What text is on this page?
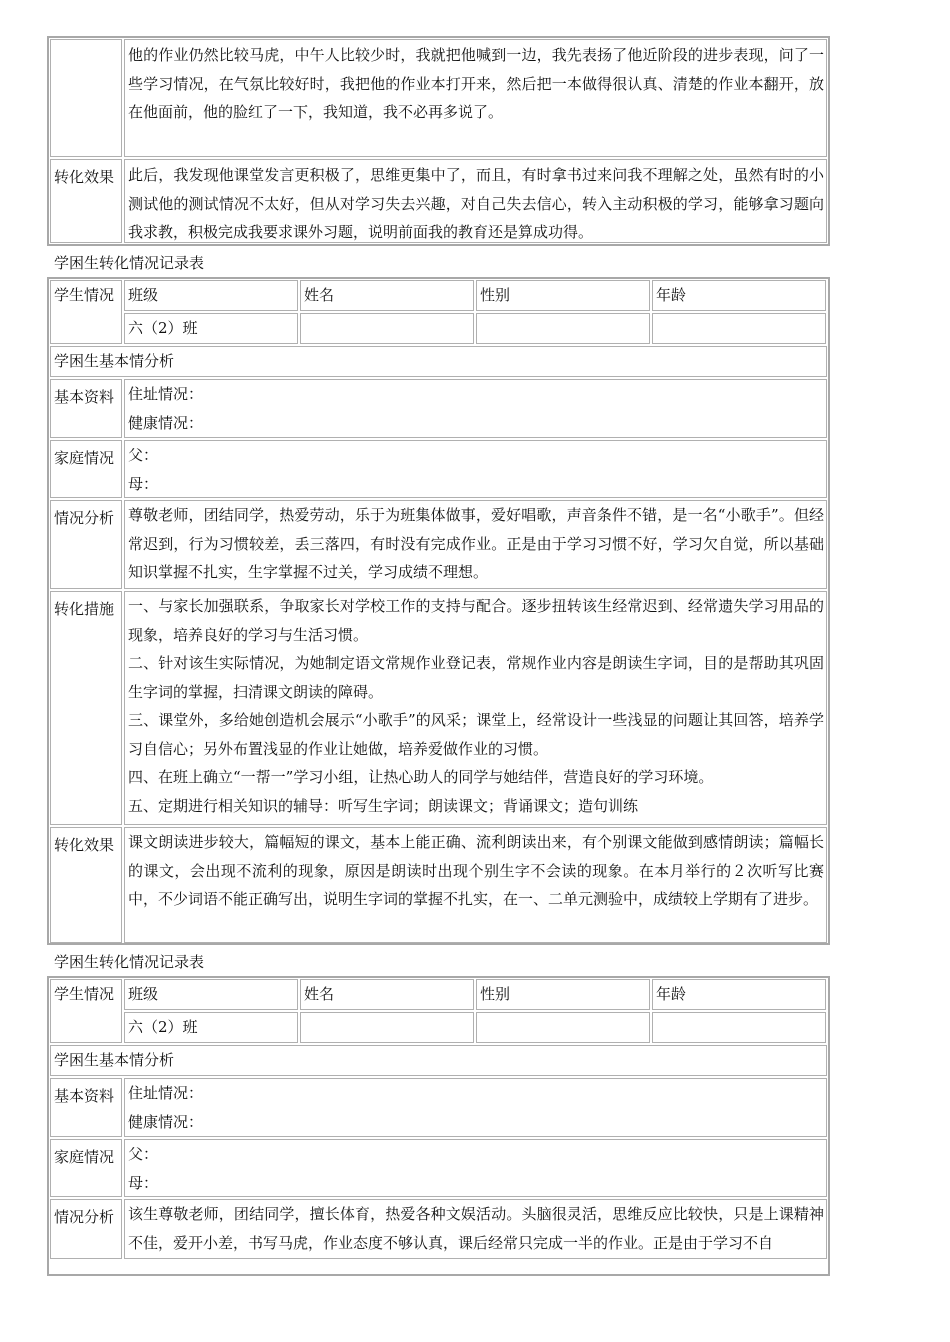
他的作业仍然比较马虎，中午人比较少时，我就把他喊到一边，我先表扬了他近阶段的进步表现，问了一些学习情况，在气氛比较好时，我把他的作业本打开来，然后把一本做得很认真、清楚的作业本翻开，放在他面前，他的脸红了一下，我知道，我不必再多说了。
转化效果 此后，我发现他课堂发言更积极了，思维更集中了，而且，有时拿书过来问我不理解之处，虽然有时的小测试他的测试情况不太好，但从对学习失去兴趣，对自己失去信心，转入主动积极的学习，能够拿习题向我求教，积极完成我要求课外习题，说明前面我的教育还是算成功得。
学困生转化情况记录表
学生情况 班级	姓名	性别	年龄
六（2）班
学困生基本情分析
基本资料 住址情况：
健康情况：
家庭情况 父：
母：
情况分析 尊敬老师，团结同学，热爱劳动，乐于为班集体做事，爱好唱歌，声音条件不错，是一名“小歌手”。但经常迟到，行为习惯较差，丢三落四，有时没有完成作业。正是由于学习习惯不好，学习欠自觉，所以基础知识掌握不扎实，生字掌握不过关，学习成绩不理想。
转化措施 一、与家长加强联系，争取家长对学校工作的支持与配合。逐步扭转该生经常迟到、经常遗失学习用品的现象，培养良好的学习与生活习惯。
二、针对该生实际情况，为她制定语文常规作业登记表，常规作业内容是朗读生字词，目的是帮助其巩固生字词的掌握，扫清课文朗读的障碍。
三、课堂外，多给她创造机会展示“小歌手”的风采；课堂上，经常设计一些浅显的问题让其回答，培养学习自信心；另外布置浅显的作业让她做，培养爱做作业的习惯。
四、在班上确立“一帮一”学习小组，让热心助人的同学与她结伴，营造良好的学习环境。
五、定期进行相关知识的辅导：听写生字词；朗读课文；背诵课文；造句训练
转化效果 课文朗读进步较大，篇幅短的课文，基本上能正确、流利朗读出来，有个别课文能做到感情朗读；篇幅长的课文，会出现不流利的现象，原因是朗读时出现个别生字不会读的现象。在本月举行的２次听写比赛中，不少词语不能正确写出，说明生字词的掌握不扎实，在一、二单元测验中，成绩较上学期有了进步。
学困生转化情况记录表
学生情况 班级	姓名	性别	年龄
六（2）班
学困生基本情分析
基本资料 住址情况：
健康情况：
家庭情况 父：
母：
情况分析 该生尊敬老师，团结同学，擅长体育，热爱各种文娱活动。头脑很灵活，思维反应比较快，只是上课精神不佳，爱开小差，书写马虎，作业态度不够认真，课后经常只完成一半的作业。正是由于学习不自
